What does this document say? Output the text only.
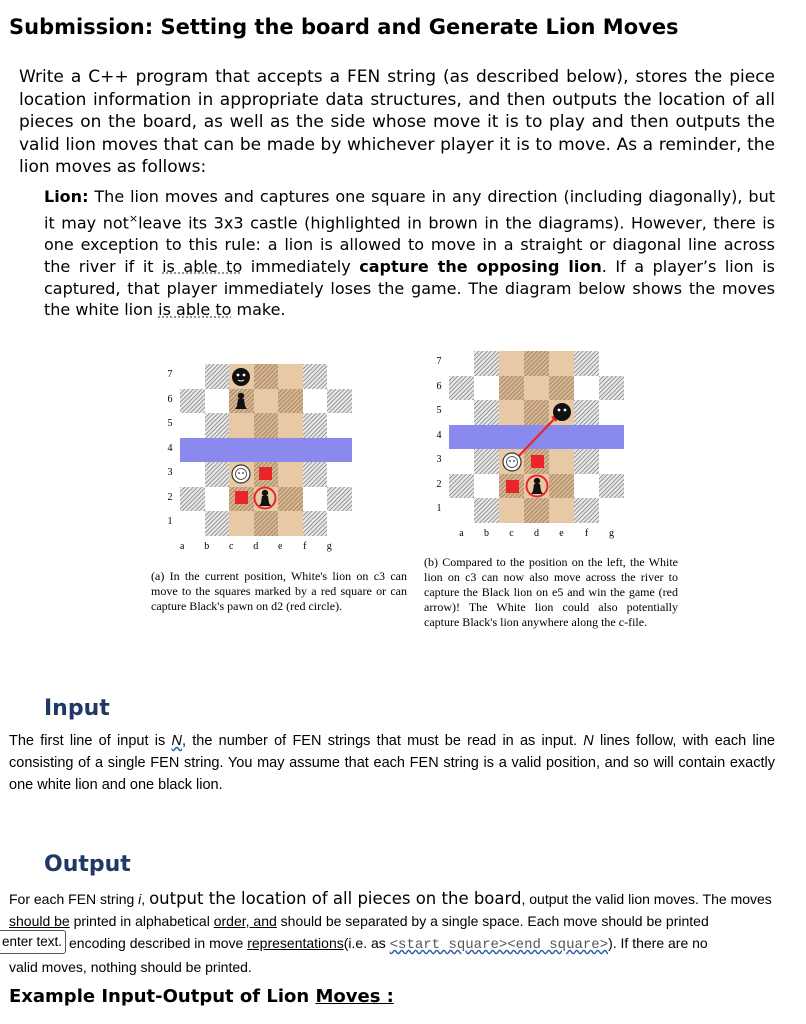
Submission: Setting the board and Generate Lion Moves
Write a C++ program that accepts a FEN string (as described below), stores the piece location information in appropriate data structures, and then outputs the location of all pieces on the board, as well as the side whose move it is to play and then outputs the valid lion moves that can be made by whichever player it is to move. As a reminder, the lion moves as follows:
Lion: The lion moves and captures one square in any direction (including diagonally), but it may not×leave its 3x3 castle (highlighted in brown in the diagrams). However, there is one exception to this rule: a lion is allowed to move in a straight or diagonal line across the river if it is able to immediately capture the opposing lion. If a player’s lion is captured, that player immediately loses the game. The diagram below shows the moves the white lion is able to make.
7
6
5
4
3
2
1
a	b	c	d	e	f	g
(a) In the current position, White's lion on c3 can move to the squares marked by a red square or can capture Black's pawn on d2 (red circle).
7
6
5
4
3
2
1
a	b	c	d	e	f	g
(b) Compared to the position on the left, the White lion on c3 can now also move across the river to capture the Black lion on e5 and win the game (red arrow)! The White lion could also potentially capture Black's lion anywhere along the c-file.
Input
The first line of input is N, the number of FEN strings that must be read in as input. N lines follow, with each line consisting of a single FEN string. You may assume that each FEN string is a valid position, and so will contain exactly one white lion and one black lion.
Output
For each FEN string i, output the location of all pieces on the board, output the valid lion moves. The moves
should be printed in alphabetical order, and should be separated by a single space. Each move should be printed
encoding described in move representations(i.e. as <start square><end square>). If there are no
valid moves, nothing should be printed.
enter text.
Example Input-Output of Lion Moves :
